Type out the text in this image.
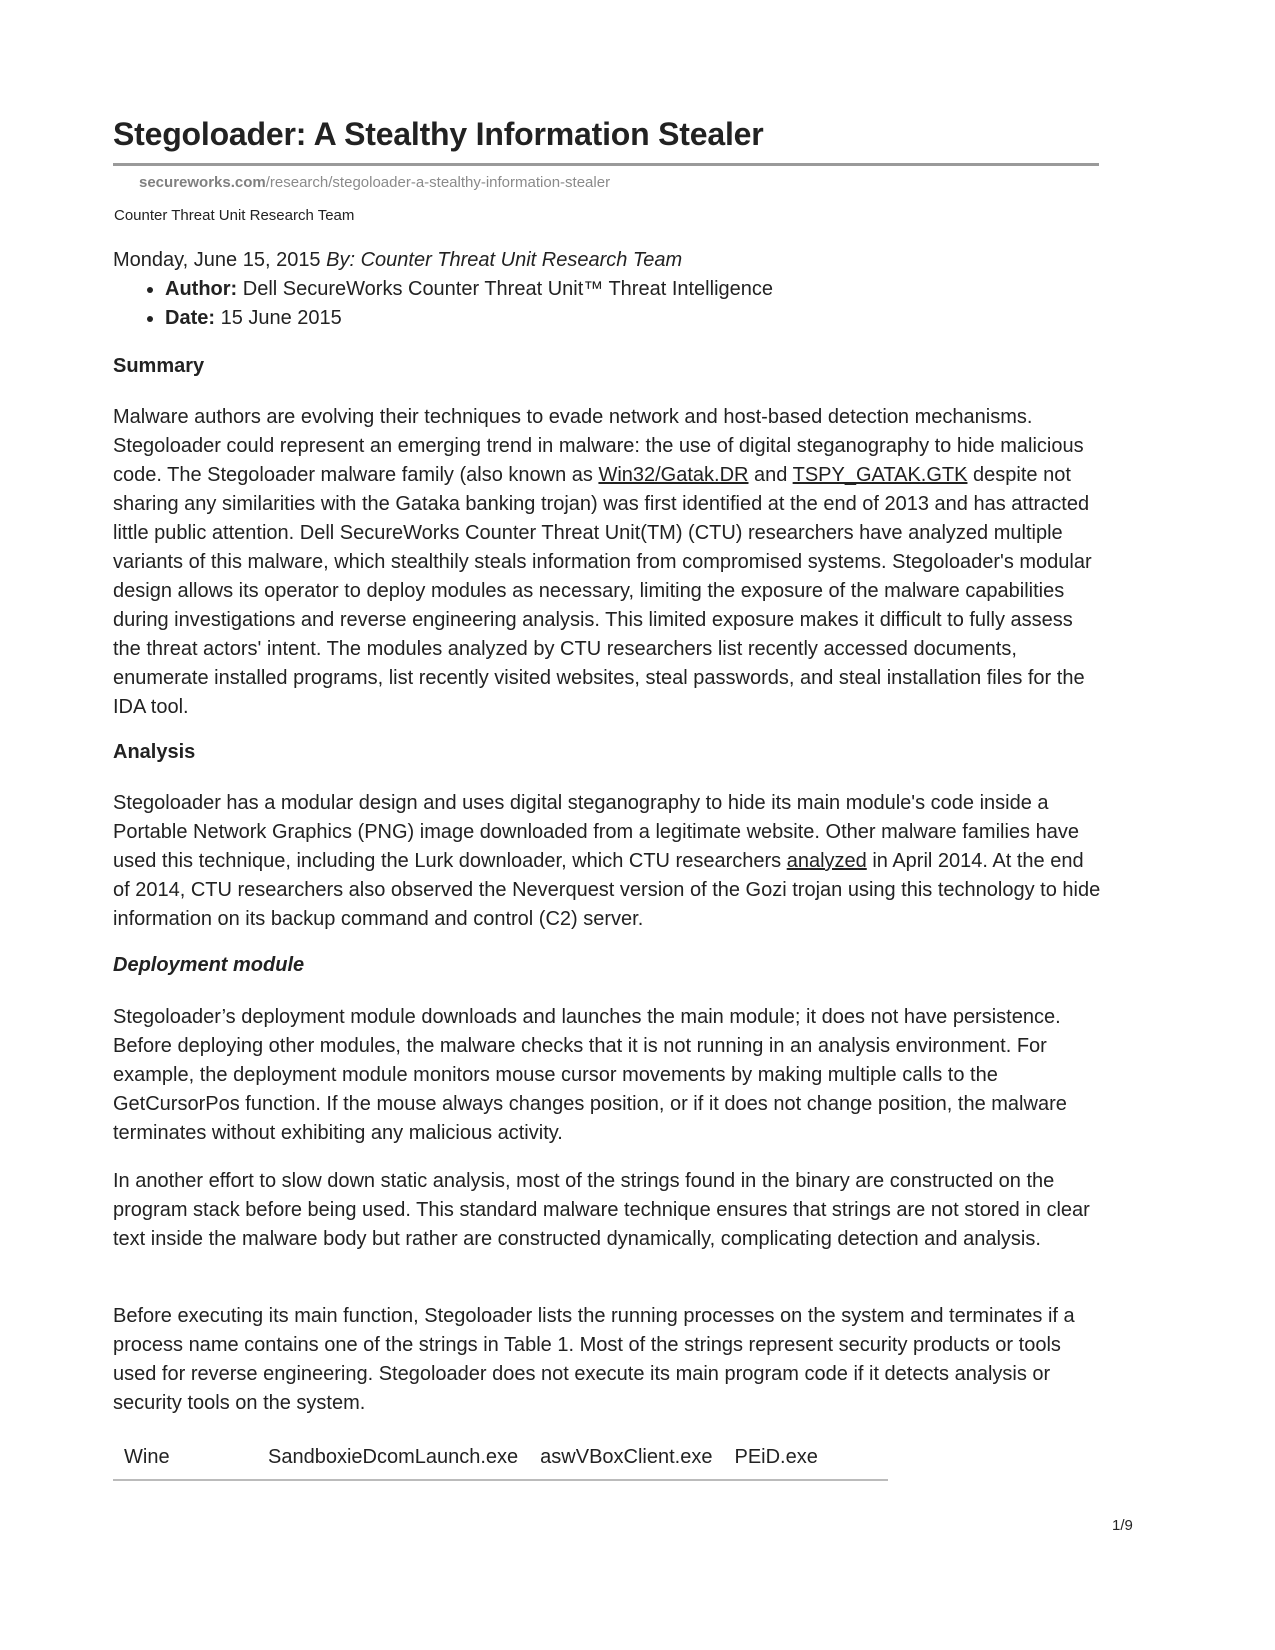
Stegoloader: A Stealthy Information Stealer
secureworks.com/research/stegoloader-a-stealthy-information-stealer
Counter Threat Unit Research Team
Monday, June 15, 2015 By: Counter Threat Unit Research Team
• Author: Dell SecureWorks Counter Threat Unit™ Threat Intelligence
• Date: 15 June 2015
Summary

Malware authors are evolving their techniques to evade network and host-based detection mechanisms. Stegoloader could represent an emerging trend in malware: the use of digital steganography to hide malicious code. The Stegoloader malware family (also known as Win32/Gatak.DR and TSPY_GATAK.GTK despite not sharing any similarities with the Gataka banking trojan) was first identified at the end of 2013 and has attracted little public attention. Dell SecureWorks Counter Threat Unit(TM) (CTU) researchers have analyzed multiple variants of this malware, which stealthily steals information from compromised systems. Stegoloader's modular design allows its operator to deploy modules as necessary, limiting the exposure of the malware capabilities during investigations and reverse engineering analysis. This limited exposure makes it difficult to fully assess the threat actors' intent. The modules analyzed by CTU researchers list recently accessed documents, enumerate installed programs, list recently visited websites, steal passwords, and steal installation files for the IDA tool.

Analysis

Stegoloader has a modular design and uses digital steganography to hide its main module's code inside a Portable Network Graphics (PNG) image downloaded from a legitimate website. Other malware families have used this technique, including the Lurk downloader, which CTU researchers analyzed in April 2014. At the end of 2014, CTU researchers also observed the Neverquest version of the Gozi trojan using this technology to hide information on its backup command and control (C2) server.

Deployment module

Stegoloader’s deployment module downloads and launches the main module; it does not have persistence. Before deploying other modules, the malware checks that it is not running in an analysis environment. For example, the deployment module monitors mouse cursor movements by making multiple calls to the GetCursorPos function. If the mouse always changes position, or if it does not change position, the malware terminates without exhibiting any malicious activity.

In another effort to slow down static analysis, most of the strings found in the binary are constructed on the program stack before being used. This standard malware technique ensures that strings are not stored in clear text inside the malware body but rather are constructed dynamically, complicating detection and analysis.

Before executing its main function, Stegoloader lists the running processes on the system and terminates if a process name contains one of the strings in Table 1. Most of the strings represent security products or tools used for reverse engineering. Stegoloader does not execute its main program code if it detects analysis or security tools on the system.

Wine	SandboxieDcomLaunch.exe	aswVBoxClient.exe	PEiD.exe
1/9
